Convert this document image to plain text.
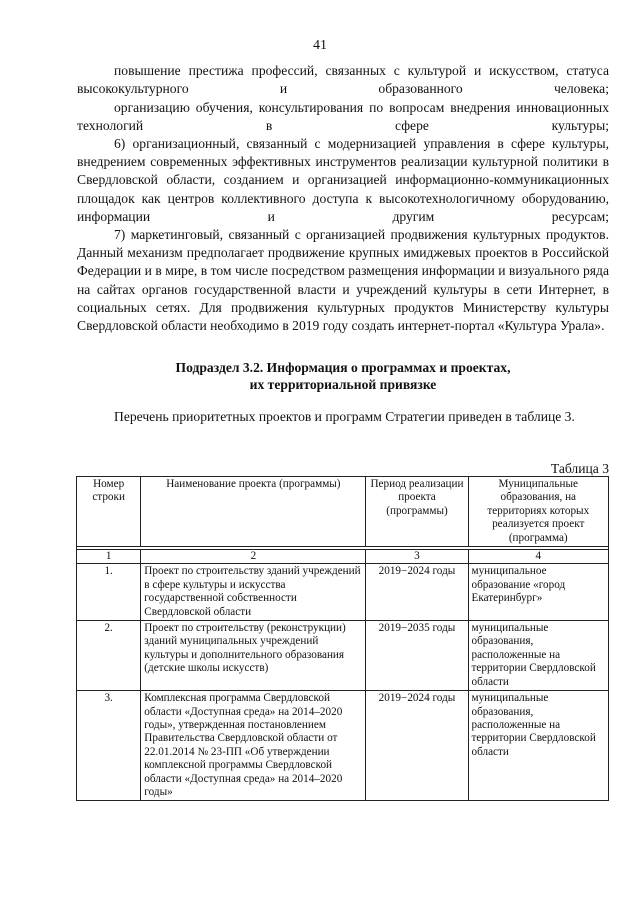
41
повышение престижа профессий, связанных с культурой и искусством, статуса высококультурного и образованного человека;
организацию обучения, консультирования по вопросам внедрения инновационных технологий в сфере культуры;
6) организационный, связанный с модернизацией управления в сфере культуры, внедрением современных эффективных инструментов реализации культурной политики в Свердловской области, созданием и организацией информационно-коммуникационных площадок как центров коллективного доступа к высокотехнологичному оборудованию, информации и другим ресурсам;
7) маркетинговый, связанный с организацией продвижения культурных продуктов. Данный механизм предполагает продвижение крупных имиджевых проектов в Российской Федерации и в мире, в том числе посредством размещения информации и визуального ряда на сайтах органов государственной власти и учреждений культуры в сети Интернет, в социальных сетях. Для продвижения культурных продуктов Министерству культуры Свердловской области необходимо в 2019 году создать интернет-портал «Культура Урала».
Подраздел 3.2. Информация о программах и проектах,
их территориальной привязке
Перечень приоритетных проектов и программ Стратегии приведен в таблице 3.
Таблица 3
Номер строки	Наименование проекта (программы)	Период реализации проекта (программы)	Муниципальные образования, на территориях которых реализуется проект (программа)

1	2	3	4
1.	Проект по строительству зданий учреждений в сфере культуры и искусства государственной собственности Свердловской области	2019−2024 годы	муниципальное образование «город Екатеринбург»
2.	Проект по строительству (реконструкции) зданий муниципальных учреждений культуры и дополнительного образования (детские школы искусств)	2019−2035 годы	муниципальные образования, расположенные на территории Свердловской области
3.	Комплексная программа Свердловской области «Доступная среда» на 2014–2020 годы», утвержденная постановлением Правительства Свердловской области от 22.01.2014 № 23-ПП «Об утверждении комплексной программы Свердловской области «Доступная среда» на 2014–2020 годы»	2019−2024 годы	муниципальные образования, расположенные на территории Свердловской области
